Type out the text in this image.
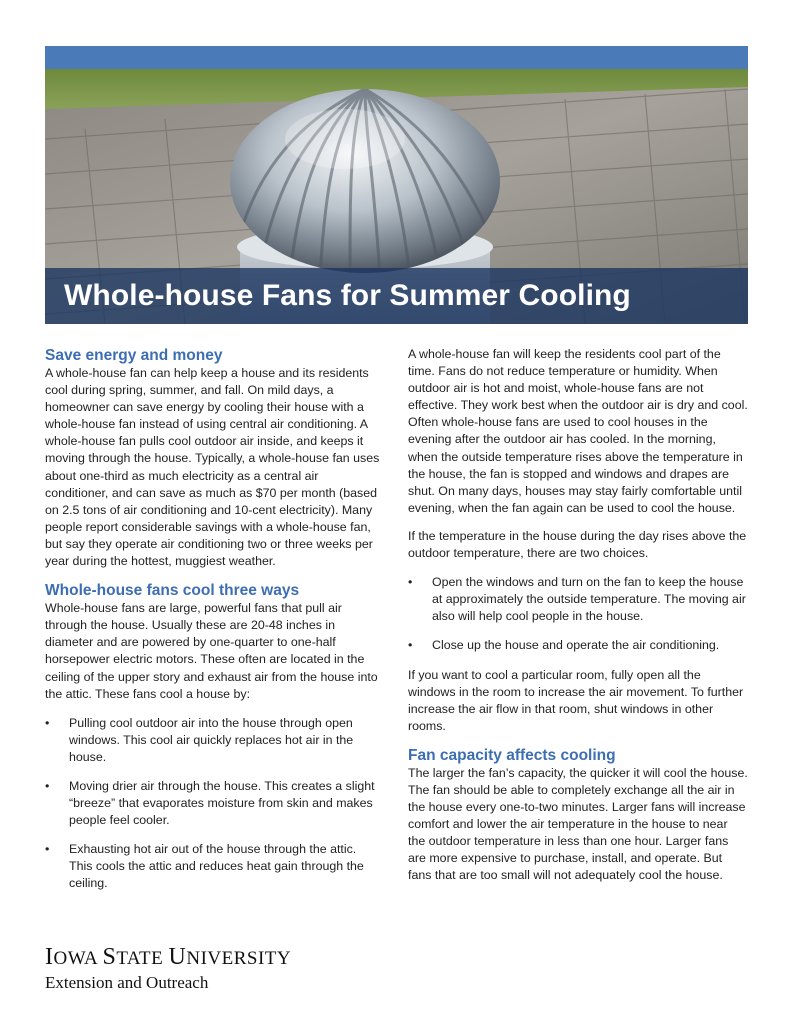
Whole-house Fans for Summer Cooling
Save energy and money

A whole-house fan can help keep a house and its residents cool during spring, summer, and fall. On mild days, a homeowner can save energy by cooling their house with a whole-house fan instead of using central air conditioning. A whole-house fan pulls cool outdoor air inside, and keeps it moving through the house. Typically, a whole-house fan uses about one-third as much electricity as a central air conditioner, and can save as much as $70 per month (based on 2.5 tons of air conditioning and 10-cent electricity). Many people report considerable savings with a whole-house fan, but say they operate air conditioning two or three weeks per year during the hottest, muggiest weather.

Whole-house fans cool three ways

Whole-house fans are large, powerful fans that pull air through the house. Usually these are 20-48 inches in diameter and are powered by one-quarter to one-half horsepower electric motors. These often are located in the ceiling of the upper story and exhaust air from the house into the attic. These fans cool a house by:

• Pulling cool outdoor air into the house through open windows. This cool air quickly replaces hot air in the house.
• Moving drier air through the house. This creates a slight “breeze” that evaporates moisture from skin and makes people feel cooler.
• Exhausting hot air out of the house through the attic. This cools the attic and reduces heat gain through the ceiling.

A whole-house fan will keep the residents cool part of the time. Fans do not reduce temperature or humidity. When outdoor air is hot and moist, whole-house fans are not effective. They work best when the outdoor air is dry and cool. Often whole-house fans are used to cool houses in the evening after the outdoor air has cooled. In the morning, when the outside temperature rises above the temperature in the house, the fan is stopped and windows and drapes are shut. On many days, houses may stay fairly comfortable until evening, when the fan again can be used to cool the house.

If the temperature in the house during the day rises above the outdoor temperature, there are two choices.

• Open the windows and turn on the fan to keep the house at approximately the outside temperature. The moving air also will help cool people in the house.
• Close up the house and operate the air conditioning.

If you want to cool a particular room, fully open all the windows in the room to increase the air movement. To further increase the air flow in that room, shut windows in other rooms.

Fan capacity affects cooling

The larger the fan’s capacity, the quicker it will cool the house. The fan should be able to completely exchange all the air in the house every one-to-two minutes. Larger fans will increase comfort and lower the air temperature in the house to near the outdoor temperature in less than one hour. Larger fans are more expensive to purchase, install, and operate. But fans that are too small will not adequately cool the house.

IOWA STATE UNIVERSITY
Extension and Outreach
